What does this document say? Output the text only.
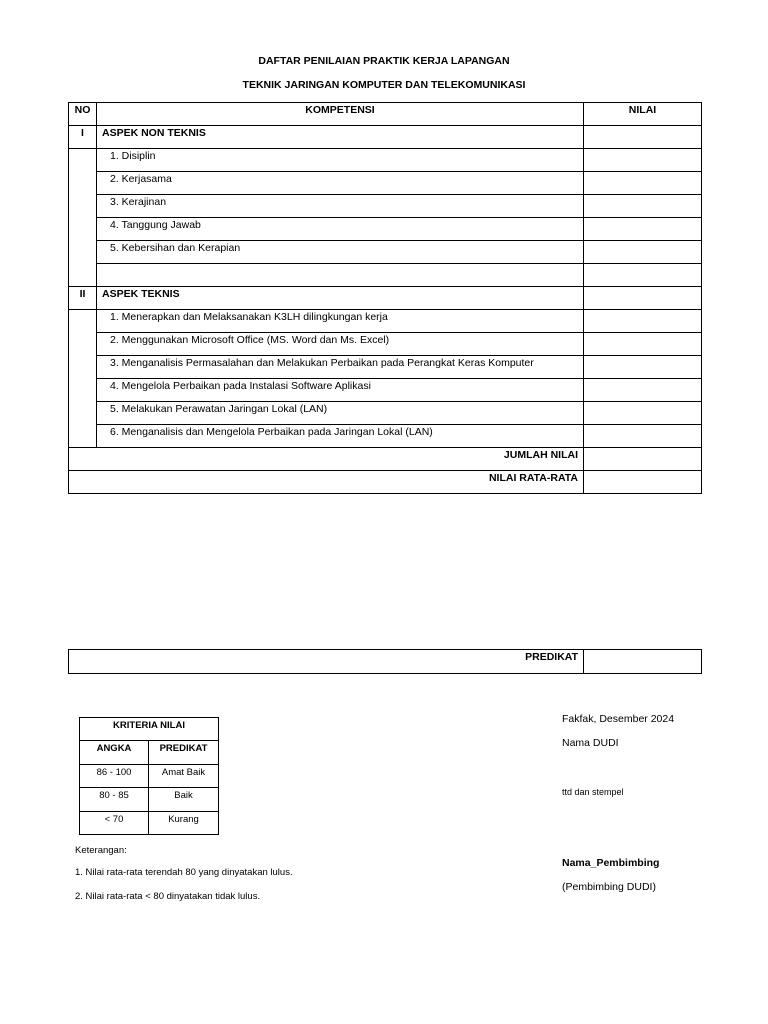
DAFTAR PENILAIAN PRAKTIK KERJA LAPANGAN
TEKNIK JARINGAN KOMPUTER DAN TELEKOMUNIKASI
NO	KOMPETENSI	NILAI
I	ASPEK NON TEKNIS	
	1. Disiplin	
	2. Kerjasama	
	3. Kerajinan	
	4. Tanggung Jawab	
	5. Kebersihan dan Kerapian	

II	ASPEK TEKNIS	
	1. Menerapkan dan Melaksanakan K3LH dilingkungan kerja	
	2. Menggunakan Microsoft Office (MS. Word dan Ms. Excel)	
	3. Menganalisis Permasalahan dan Melakukan Perbaikan pada Perangkat Keras Komputer	
	4. Mengelola Perbaikan pada Instalasi Software Aplikasi	
	5. Melakukan Perawatan Jaringan Lokal (LAN)	
	6. Menganalisis dan Mengelola Perbaikan pada Jaringan Lokal (LAN)	
JUMLAH NILAI		
NILAI RATA-RATA		
PREDIKAT	
KRITERIA NILAI	
ANGKA	PREDIKAT
86 - 100	Amat Baik
80 - 85	Baik
< 70	Kurang
Keterangan:
1. Nilai rata-rata terendah 80 yang dinyatakan lulus.
2. Nilai rata-rata < 80 dinyatakan tidak lulus.
Fakfak, Desember 2024
Nama DUDI
ttd dan stempel
Nama_Pembimbing
(Pembimbing DUDI)
